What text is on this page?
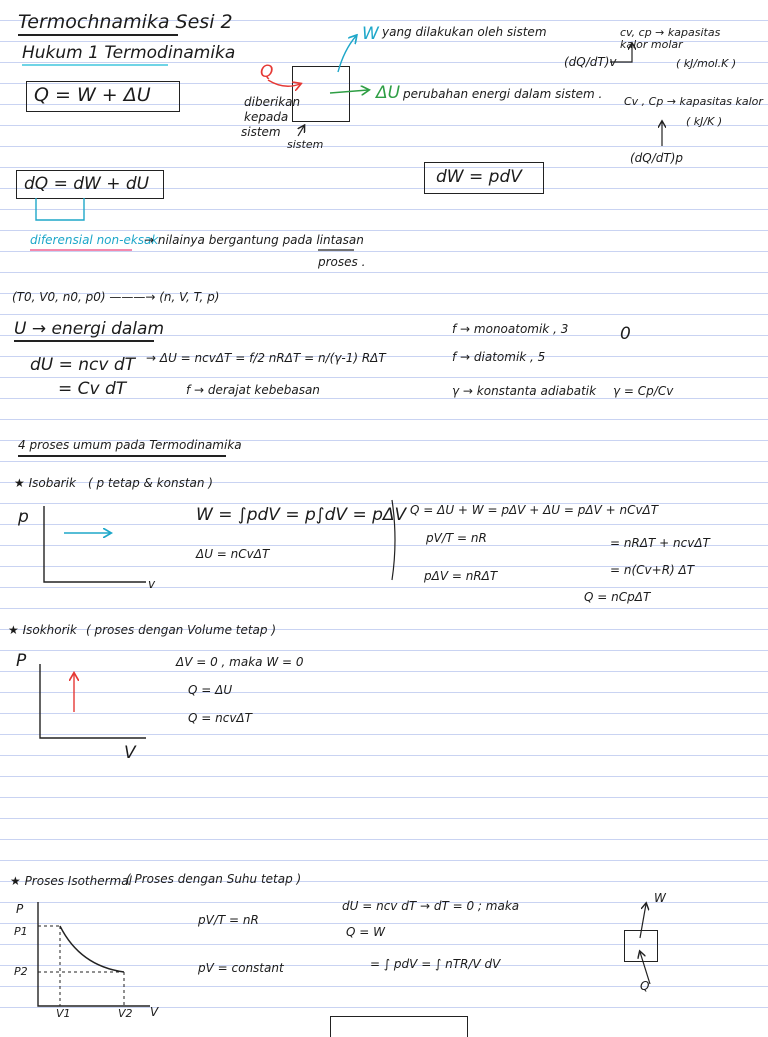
Termochnamika Sesi 2
Hukum 1 Termodinamika
Q = W + ΔU
Q
W yang dilakukan oleh sistem
ΔU perubahan energi dalam sistem .
diberikan
kepada
sistem
sistem
(dQ/dT)v
cv, cp → kapasitas kalor molar
( kJ/mol.K )
Cv , Cp → kapasitas kalor
( kJ/K )
(dQ/dT)p
dQ = dW + dU	dW = pdV
diferensial non-eksak
→ nilainya bergantung pada lintasan
proses .
(T0, V0, n0, p0) ———→ (n, V, T, p)
U → energi dalam
dU = ncv dT
= Cv dT
→ ΔU = ncvΔT = f/2 nRΔT = n/(γ-1) RΔT
f → derajat kebebasan
f → monoatomik , 3
f → diatomik , 5
0
γ → konstanta adiabatik γ = Cp/Cv
4 proses umum pada Termodinamika
★ Isobarik ( p tetap & konstan )
p
v
W = ∫pdV = p∫dV = pΔV
ΔU = nCvΔT
Q = ΔU + W = pΔV + ΔU = pΔV + nCvΔT
pV/T = nR	= nRΔT + ncvΔT
pΔV = nRΔT	= n(Cv+R) ΔT
Q = nCpΔT
★ Isokhorik ( proses dengan Volume tetap )
P
V
ΔV = 0 , maka W = 0
Q = ΔU
Q = ncvΔT
★ Proses Isothermal
( Proses dengan Suhu tetap )
P
P1
P2
V1	V2 V
pV/T = nR
pV = constant
dU = ncv dT → dT = 0 ; maka
Q = W
= ∫ pdV = ∫ nTR/V dV
W
Q
